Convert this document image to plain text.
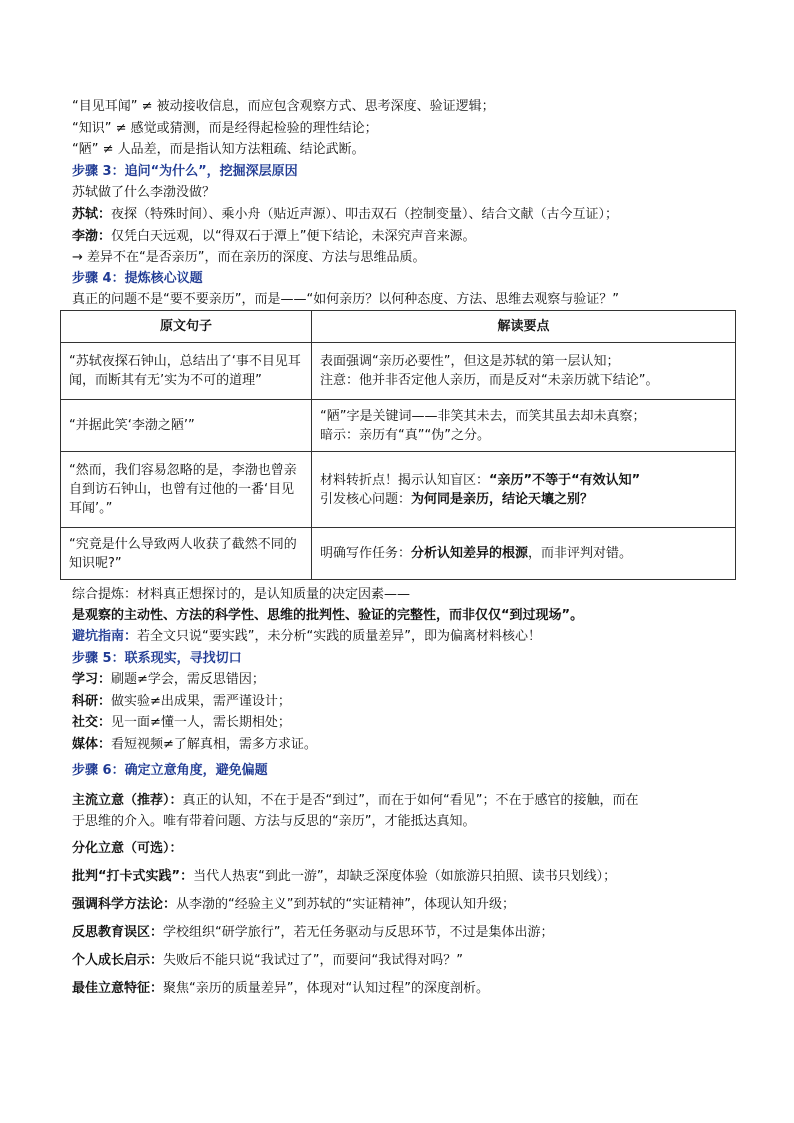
“目见耳闻” ≠ 被动接收信息，而应包含观察方式、思考深度、验证逻辑；
“知识” ≠ 感觉或猜测，而是经得起检验的理性结论；
“陋” ≠ 人品差，而是指认知方法粗疏、结论武断。
步骤 3：追问“为什么”，挖掘深层原因
苏轼做了什么李渤没做？
苏轼：夜探（特殊时间）、乘小舟（贴近声源）、叩击双石（控制变量）、结合文献（古今互证）；
李渤：仅凭白天远观，以“得双石于潭上”便下结论，未深究声音来源。
→ 差异不在“是否亲历”，而在亲历的深度、方法与思维品质。
步骤 4：提炼核心议题
真正的问题不是“要不要亲历”，而是——“如何亲历？以何种态度、方法、思维去观察与验证？”
原文句子	解读要点
“苏轼夜探石钟山，总结出了‘事不目见耳闻，而断其有无’实为不可的道理”	表面强调“亲历必要性”，但这是苏轼的第一层认知；
注意：他并非否定他人亲历，而是反对“未亲历就下结论”。

“并据此笑‘李渤之陋’”	“陋”字是关键词——非笑其未去，而笑其虽去却未真察；
暗示：亲历有“真”“伪”之分。

“然而，我们容易忽略的是，李渤也曾亲自到访石钟山，也曾有过他的一番‘目见耳闻’。”	材料转折点！揭示认知盲区：“亲历”不等于“有效认知”
引发核心问题：为何同是亲历，结论天壤之别？

“究竟是什么导致两人收获了截然不同的知识呢?”	明确写作任务：分析认知差异的根源，而非评判对错。
综合提炼：材料真正想探讨的，是认知质量的决定因素——
是观察的主动性、方法的科学性、思维的批判性、验证的完整性，而非仅仅“到过现场”。
避坑指南：若全文只说“要实践”，未分析“实践的质量差异”，即为偏离材料核心！
步骤 5：联系现实，寻找切口
学习：刷题≠学会，需反思错因；
科研：做实验≠出成果，需严谨设计；
社交：见一面≠懂一人，需长期相处；
媒体：看短视频≠了解真相，需多方求证。
步骤 6：确定立意角度，避免偏题
主流立意（推荐）：真正的认知，不在于是否“到过”，而在于如何“看见”；不在于感官的接触，而在
于思维的介入。唯有带着问题、方法与反思的“亲历”，才能抵达真知。
分化立意（可选）：
批判“打卡式实践”：当代人热衷“到此一游”，却缺乏深度体验（如旅游只拍照、读书只划线）；
强调科学方法论：从李渤的“经验主义”到苏轼的“实证精神”，体现认知升级；
反思教育误区：学校组织“研学旅行”，若无任务驱动与反思环节，不过是集体出游；
个人成长启示：失败后不能只说“我试过了”，而要问“我试得对吗？”
最佳立意特征：聚焦“亲历的质量差异”，体现对“认知过程”的深度剖析。
